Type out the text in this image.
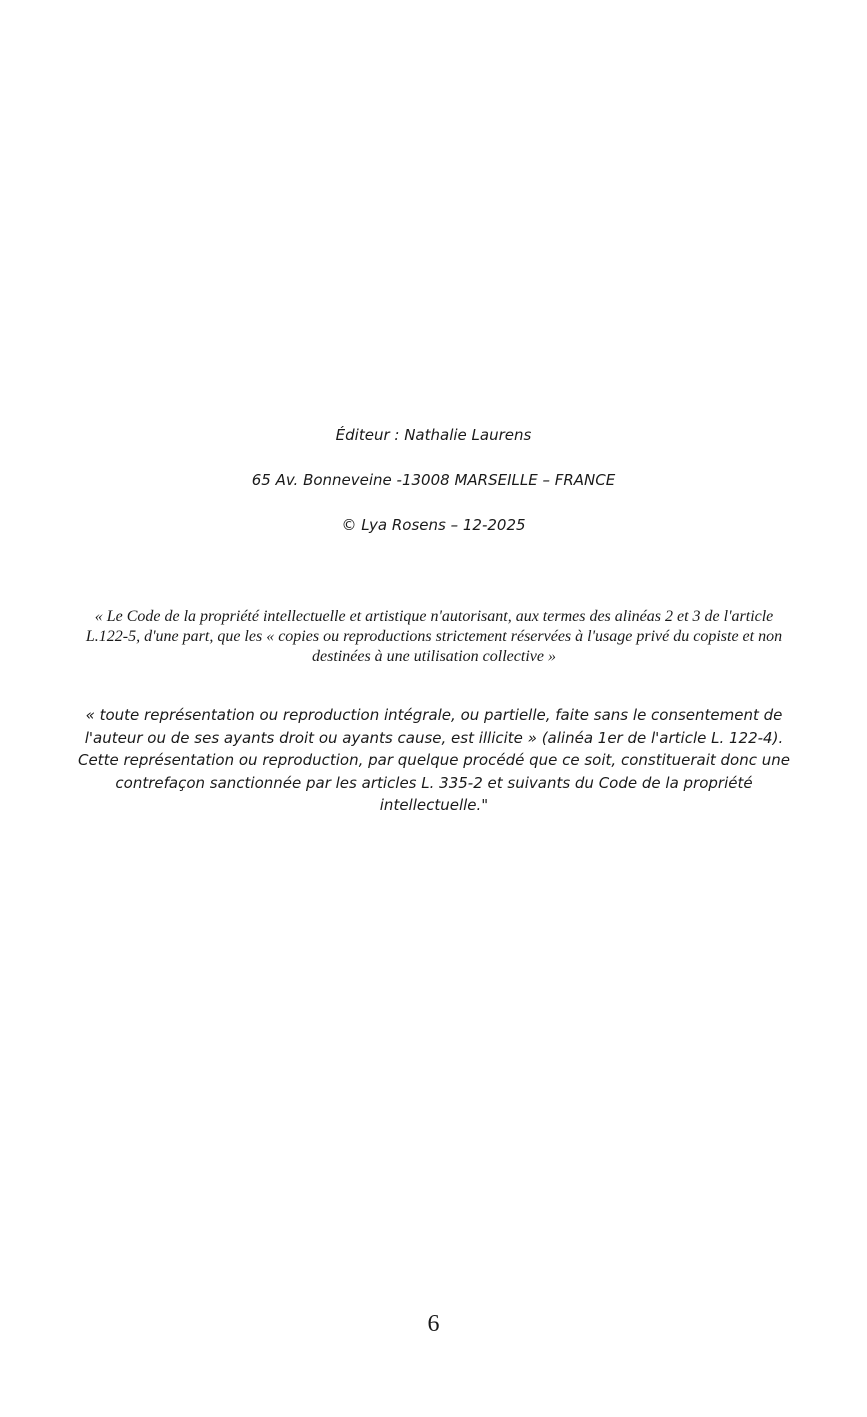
Éditeur : Nathalie Laurens

65 Av. Bonneveine -13008 MARSEILLE – FRANCE

© Lya Rosens – 12-2025

« Le Code de la propriété intellectuelle et artistique n'autorisant, aux termes des alinéas 2 et 3 de l'article L.122-5, d'une part, que les « copies ou reproductions strictement réservées à l'usage privé du copiste et non destinées à une utilisation collective »

« toute représentation ou reproduction intégrale, ou partielle, faite sans le consentement de l'auteur ou de ses ayants droit ou ayants cause, est illicite » (alinéa 1er de l'article L. 122-4). Cette représentation ou reproduction, par quelque procédé que ce soit, constituerait donc une contrefaçon sanctionnée par les articles L. 335-2 et suivants du Code de la propriété intellectuelle."

6
